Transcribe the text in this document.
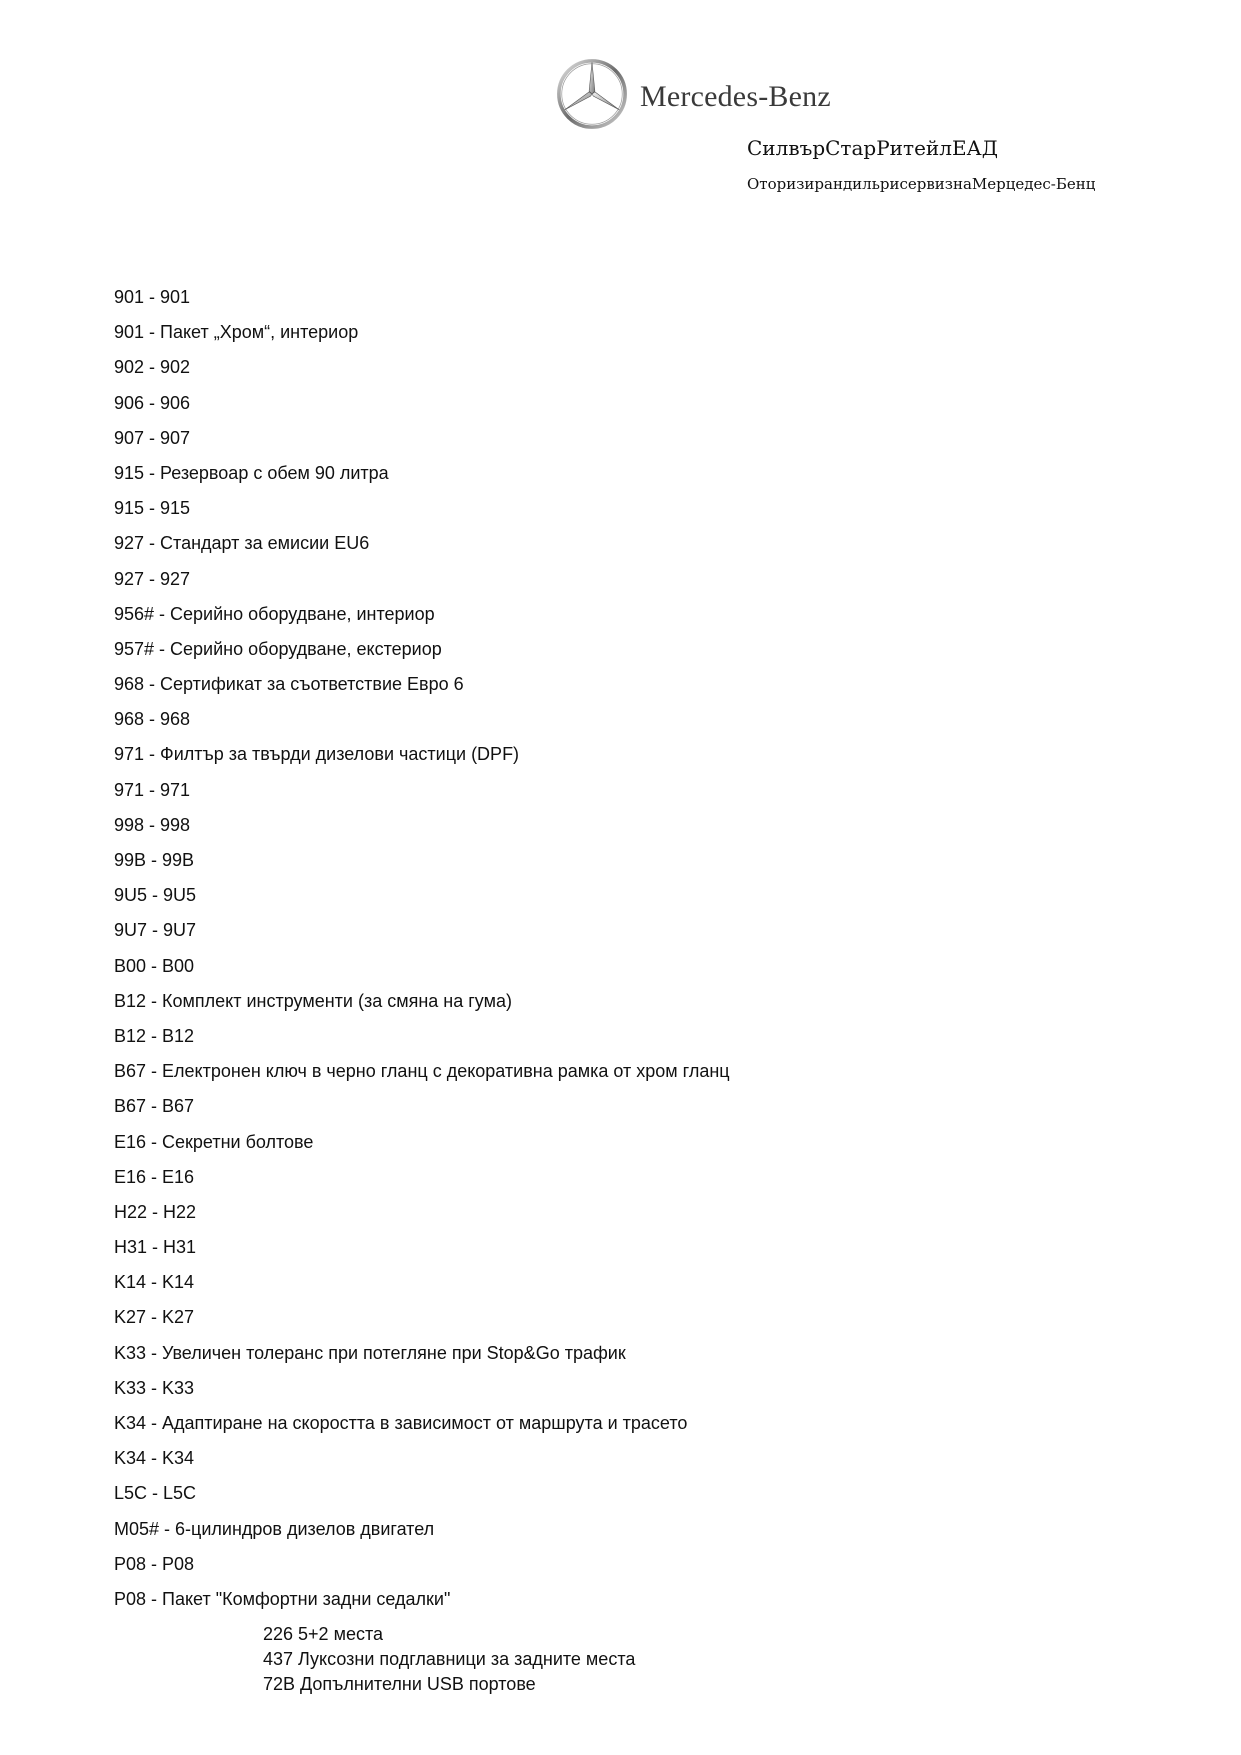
Mercedes-Benz
СилвърСтарРитейлЕАД
ОторизирандильрисервизнаМерцедес-Бенц
901 - 901
901 - Пакет „Хром“, интериор
902 - 902
906 - 906
907 - 907
915 - Резервоар с обем 90 литра
915 - 915
927 - Стандарт за емисии EU6
927 - 927
956# - Серийно оборудване, интериор
957# - Серийно оборудване, екстериор
968 - Сертификат за съответствие Евро 6
968 - 968
971 - Филтър за твърди дизелови частици (DPF)
971 - 971
998 - 998
99B - 99B
9U5 - 9U5
9U7 - 9U7
B00 - B00
B12 - Комплект инструменти (за смяна на гума)
B12 - B12
B67 - Електронен ключ в черно гланц с декоративна рамка от хром гланц
B67 - B67
E16 - Секретни болтове
E16 - E16
H22 - H22
H31 - H31
K14 - K14
K27 - K27
K33 - Увеличен толеранс при потегляне при Stop&Go трафик
K33 - K33
K34 - Адаптиране на скоростта в зависимост от маршрута и трасето
K34 - K34
L5C - L5C
M05# - 6-цилиндров дизелов двигател
P08 - P08
P08 - Пакет "Комфортни задни седалки"
226 5+2 места
437 Луксозни подглавници за задните места
72B Допълнителни USB портове
